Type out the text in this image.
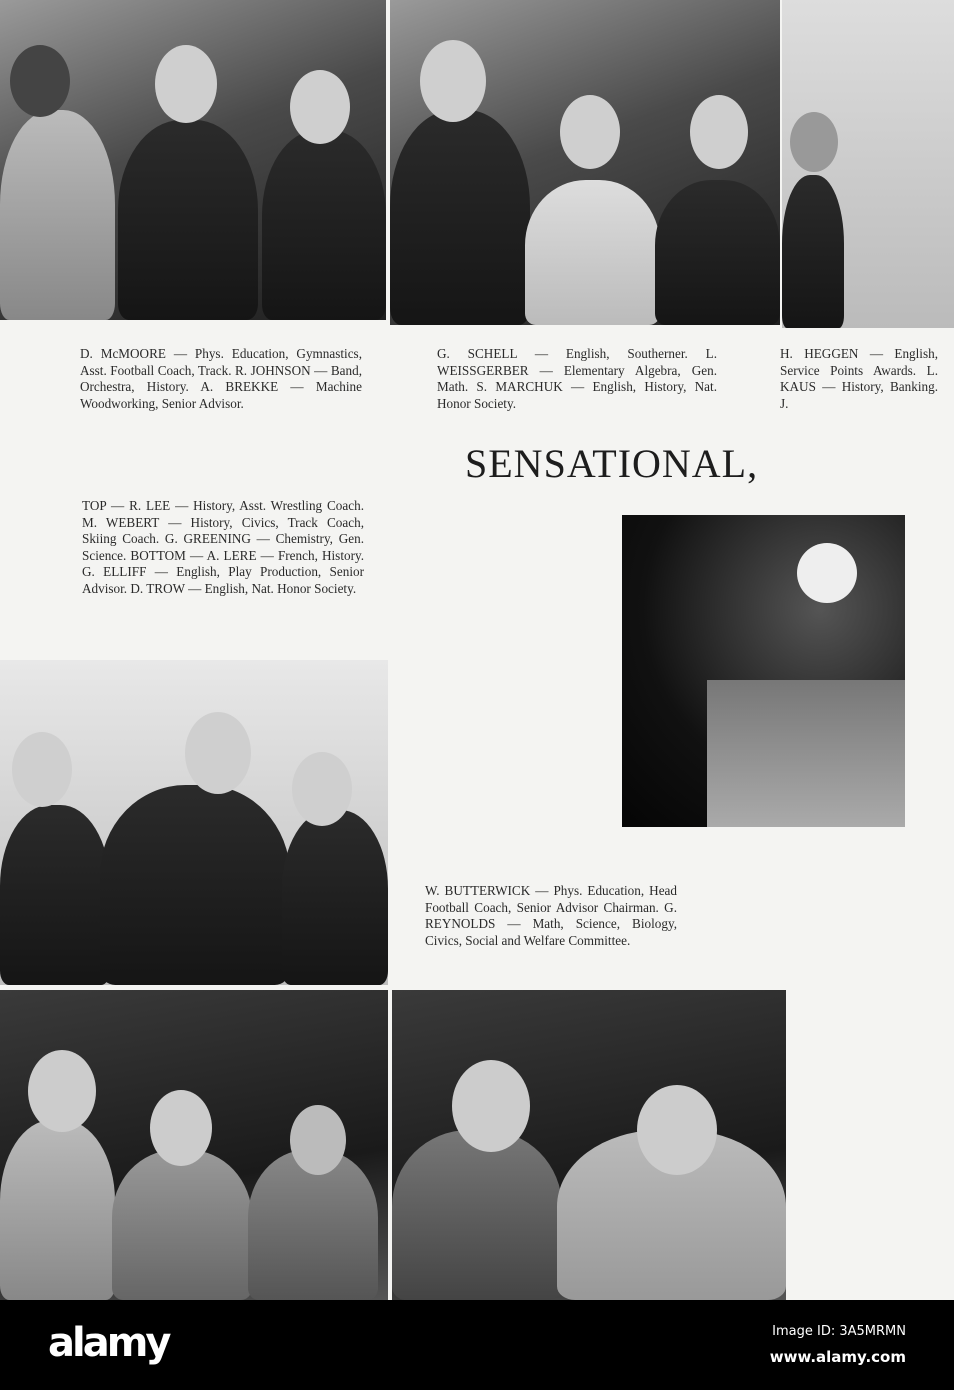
D. McMOORE — Phys. Education, Gymnastics, Asst. Football Coach, Track. R. JOHNSON — Band, Orchestra, History. A. BREKKE — Machine Woodworking, Senior Advisor.
G. SCHELL — English, Southerner. L. WEISSGERBER — Elementary Algebra, Gen. Math. S. MARCHUK — English, History, Nat. Honor Society.
H. HEGGEN — English, Service Points Awards. L. KAUS — History, Banking. J.
SENSATIONAL,
TOP — R. LEE — History, Asst. Wrestling Coach. M. WEBERT — History, Civics, Track Coach, Skiing Coach. G. GREENING — Chemistry, Gen. Science. BOTTOM — A. LERE — French, History. G. ELLIFF — English, Play Production, Senior Advisor. D. TROW — English, Nat. Honor Society.
W. BUTTERWICK — Phys. Education, Head Football Coach, Senior Advisor Chairman. G. REYNOLDS — Math, Science, Biology, Civics, Social and Welfare Committee.
alamy	Image ID: 3A5MRMN
www.alamy.com
